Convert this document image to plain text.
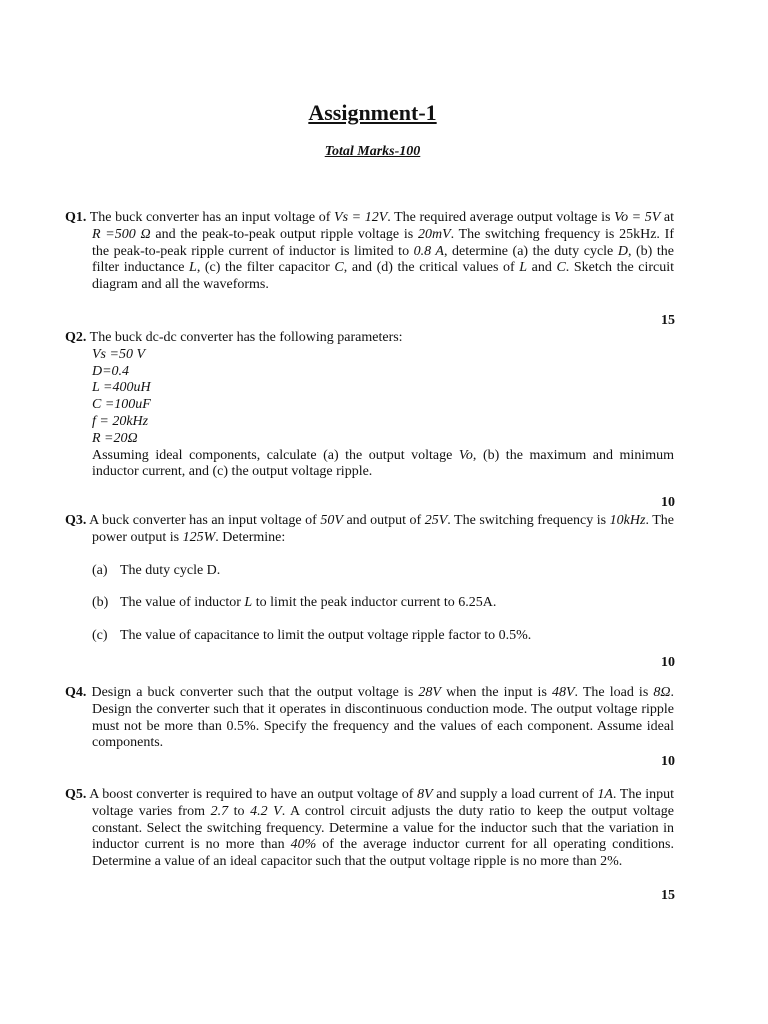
Assignment-1
Total Marks-100
Q1. The buck converter has an input voltage of Vs = 12V. The required average output voltage is Vo = 5V at R =500 Ω and the peak-to-peak output ripple voltage is 20mV. The switching frequency is 25kHz. If the peak-to-peak ripple current of inductor is limited to 0.8 A, determine (a) the duty cycle D, (b) the filter inductance L, (c) the filter capacitor C, and (d) the critical values of L and C. Sketch the circuit diagram and all the waveforms.
15
Q2. The buck dc-dc converter has the following parameters:
Vs =50 V
D=0.4
L =400uH
C =100uF
f = 20kHz
R =20Ω
Assuming ideal components, calculate (a) the output voltage Vo, (b) the maximum and minimum inductor current, and (c) the output voltage ripple.
10
Q3. A buck converter has an input voltage of 50V and output of 25V. The switching frequency is 10kHz. The power output is 125W. Determine:
(a) The duty cycle D.
(b) The value of inductor L to limit the peak inductor current to 6.25A.
(c) The value of capacitance to limit the output voltage ripple factor to 0.5%.
10
Q4. Design a buck converter such that the output voltage is 28V when the input is 48V. The load is 8Ω. Design the converter such that it operates in discontinuous conduction mode. The output voltage ripple must not be more than 0.5%. Specify the frequency and the values of each component. Assume ideal components.
10
Q5. A boost converter is required to have an output voltage of 8V and supply a load current of 1A. The input voltage varies from 2.7 to 4.2 V. A control circuit adjusts the duty ratio to keep the output voltage constant. Select the switching frequency. Determine a value for the inductor such that the variation in inductor current is no more than 40% of the average inductor current for all operating conditions. Determine a value of an ideal capacitor such that the output voltage ripple is no more than 2%.
15
